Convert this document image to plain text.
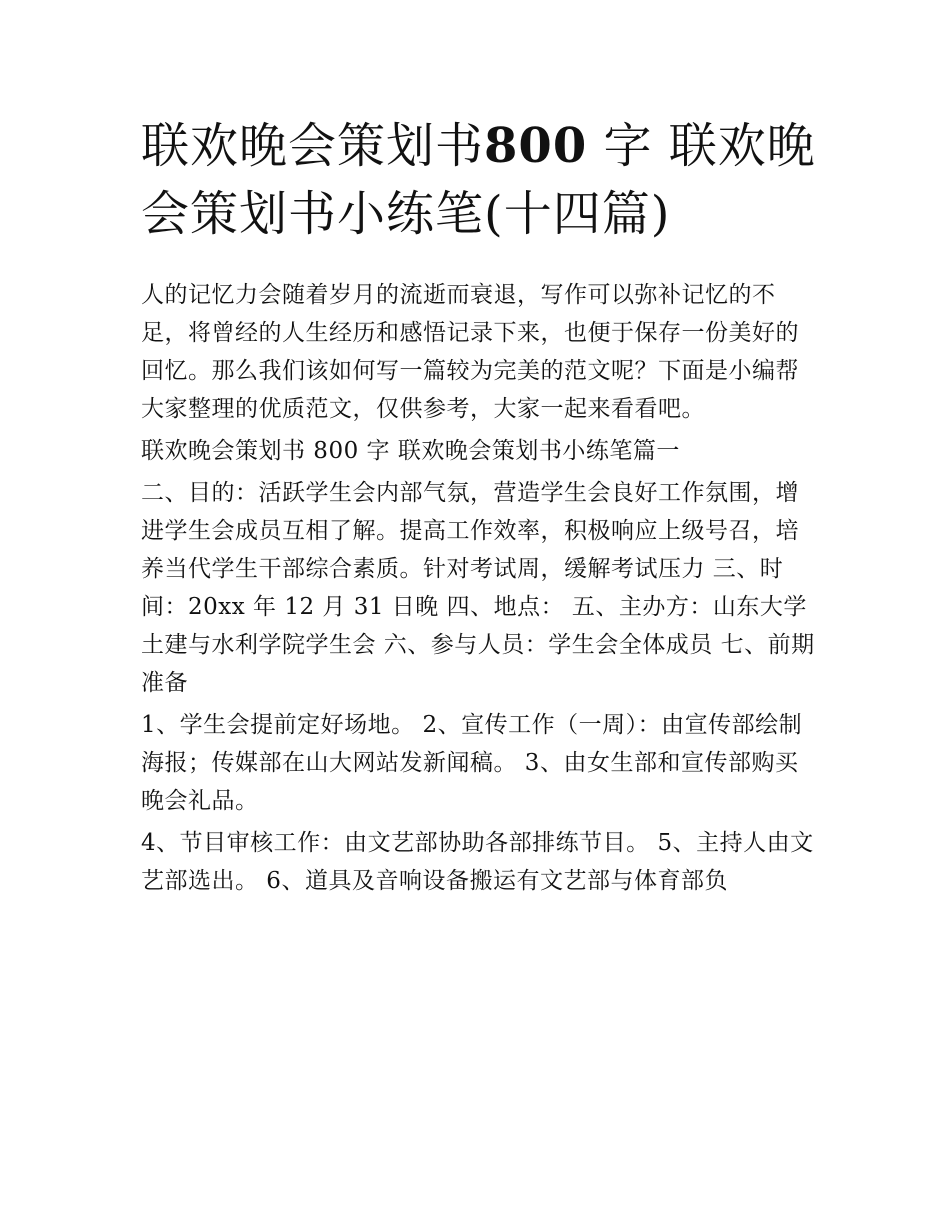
联欢晚会策划书800 字 联欢晚会策划书小练笔(十四篇)

人的记忆力会随着岁月的流逝而衰退，写作可以弥补记忆的不足，将曾经的人生经历和感悟记录下来，也便于保存一份美好的回忆。那么我们该如何写一篇较为完美的范文呢？下面是小编帮大家整理的优质范文，仅供参考，大家一起来看看吧。

联欢晚会策划书 800 字 联欢晚会策划书小练笔篇一

二、目的：活跃学生会内部气氛，营造学生会良好工作氛围，增进学生会成员互相了解。提高工作效率，积极响应上级号召，培养当代学生干部综合素质。针对考试周，缓解考试压力 三、时间：20xx 年 12 月 31 日晚 四、地点： 五、主办方：山东大学土建与水利学院学生会 六、参与人员：学生会全体成员 七、前期准备

1、学生会提前定好场地。 2、宣传工作（一周）：由宣传部绘制海报；传媒部在山大网站发新闻稿。 3、由女生部和宣传部购买晚会礼品。

4、节目审核工作：由文艺部协助各部排练节目。 5、主持人由文艺部选出。 6、道具及音响设备搬运有文艺部与体育部负
